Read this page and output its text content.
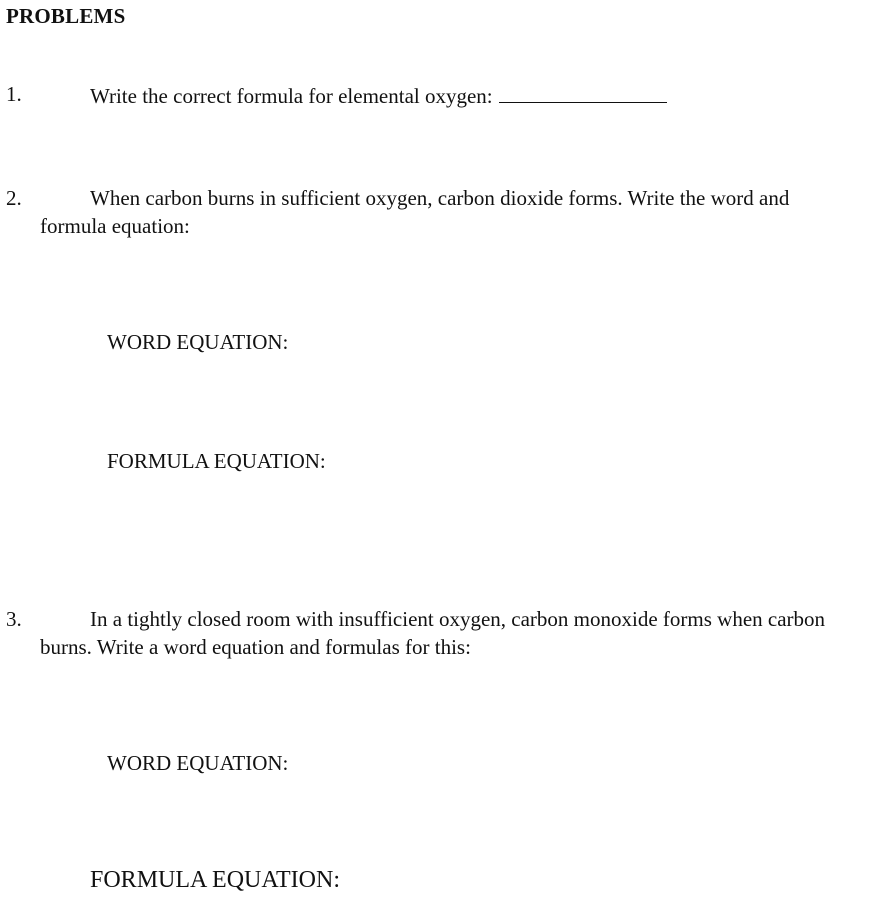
PROBLEMS
1.	Write the correct formula for elemental oxygen:
2.	When carbon burns in sufficient oxygen, carbon dioxide forms. Write the word and
formula equation:
WORD EQUATION:
FORMULA EQUATION:
3.	In a tightly closed room with insufficient oxygen, carbon monoxide forms when carbon
burns. Write a word equation and formulas for this:
WORD EQUATION:
FORMULA EQUATION:
